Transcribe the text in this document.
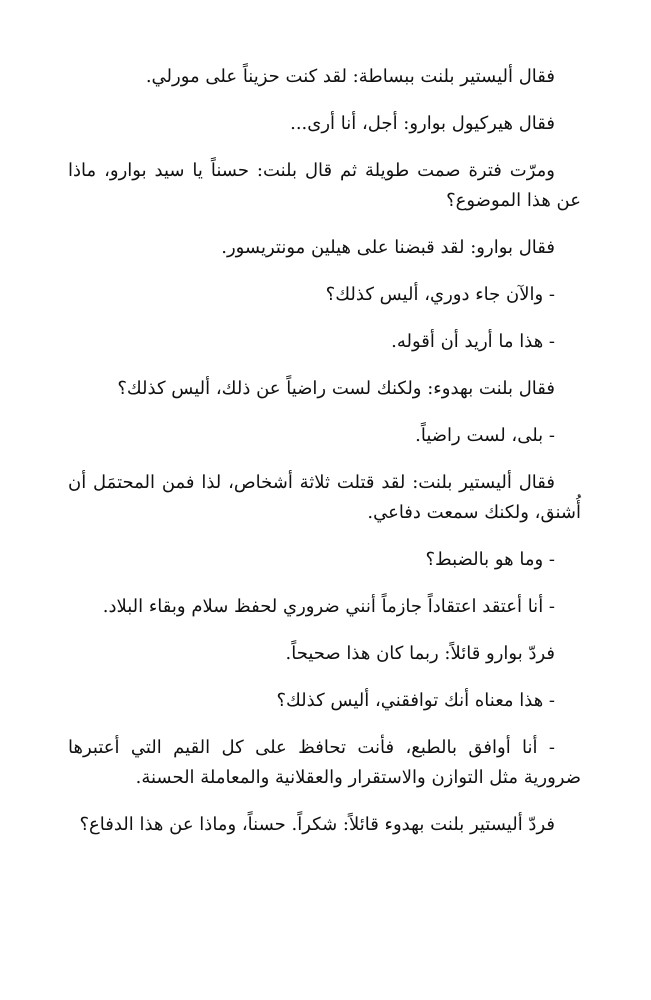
فقال أليستير بلنت ببساطة: لقد كنت حزيناً على مورلي.

فقال هيركيول بوارو: أجل، أنا أرى...

ومرّت فترة صمت طويلة ثم قال بلنت: حسناً يا سيد بوارو، ماذا عن هذا الموضوع؟

فقال بوارو: لقد قبضنا على هيلين مونتريسور.

- والآن جاء دوري، أليس كذلك؟

- هذا ما أريد أن أقوله.

فقال بلنت بهدوء: ولكنك لست راضياً عن ذلك، أليس كذلك؟

- بلى، لست راضياً.

فقال أليستير بلنت: لقد قتلت ثلاثة أشخاص، لذا فمن المحتمَل أن أُشنق، ولكنك سمعت دفاعي.

- وما هو بالضبط؟

- أنا أعتقد اعتقاداً جازماً أنني ضروري لحفظ سلام وبقاء البلاد.

فردّ بوارو قائلاً: ربما كان هذا صحيحاً.

- هذا معناه أنك توافقني، أليس كذلك؟

- أنا أوافق بالطبع، فأنت تحافظ على كل القيم التي أعتبرها ضرورية مثل التوازن والاستقرار والعقلانية والمعاملة الحسنة.

فردّ أليستير بلنت بهدوء قائلاً: شكراً. حسناً، وماذا عن هذا الدفاع؟
